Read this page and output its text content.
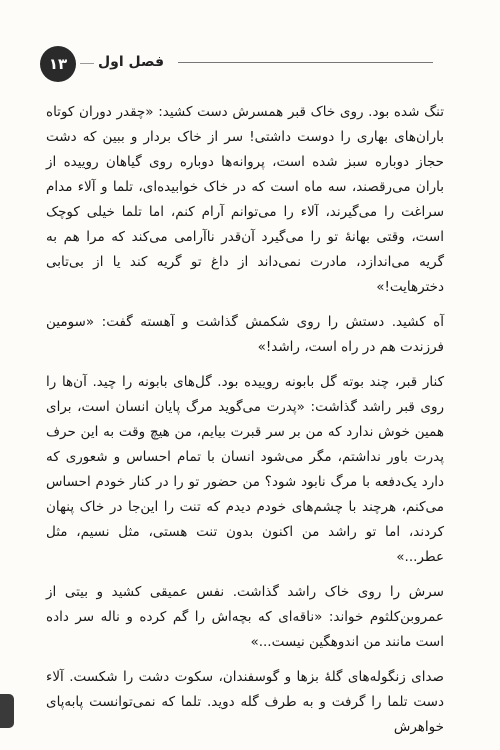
۱۳	فصل اول

تنگ شده بود. روی خاک قبر همسرش دست کشید: «چقدر دوران کوتاه باران‌های بهاری را دوست داشتی! سر از خاک بردار و ببین که دشت حجاز دوباره سبز شده است، پروانه‌ها دوباره روی گیاهان روییده از باران می‌رقصند، سه ماه است که در خاک خوابیده‌ای، تلما و آلاء مدام سراغت را می‌گیرند، آلاء را می‌توانم آرام کنم، اما تلما خیلی کوچک است، وقتی بهانهٔ تو را می‌گیرد آن‌قدر ناآرامی می‌کند که مرا هم به گریه می‌اندازد، مادرت نمی‌داند از داغ تو گریه کند یا از بی‌تابی دخترهایت!»

آه کشید. دستش را روی شکمش گذاشت و آهسته گفت: «سومین فرزندت هم در راه است، راشد!»

کنار قبر، چند بوته گل بابونه روییده بود. گل‌های بابونه را چید. آن‌ها را روی قبر راشد گذاشت: «پدرت می‌گوید مرگ پایان انسان است، برای همین خوش ندارد که من بر سر قبرت بیایم، من هیچ وقت به این حرف پدرت باور نداشتم، مگر می‌شود انسان با تمام احساس و شعوری که دارد یک‌دفعه با مرگ نابود شود؟ من حضور تو را در کنار خودم احساس می‌کنم، هرچند با چشم‌های خودم دیدم که تنت را این‌جا در خاک پنهان کردند، اما تو راشد من اکنون بدون تنت هستی، مثل نسیم، مثل عطر...»

سرش را روی خاک راشد گذاشت. نفس عمیقی کشید و بیتی از عمروبن‌کلثوم خواند: «ناقه‌ای که بچه‌اش را گم کرده و ناله سر داده است مانند من اندوهگین نیست...»

صدای زنگوله‌های گلهٔ بزها و گوسفندان، سکوت دشت را شکست. آلاء دست تلما را گرفت و به طرف گله دوید. تلما که نمی‌توانست پابه‌پای خواهرش
